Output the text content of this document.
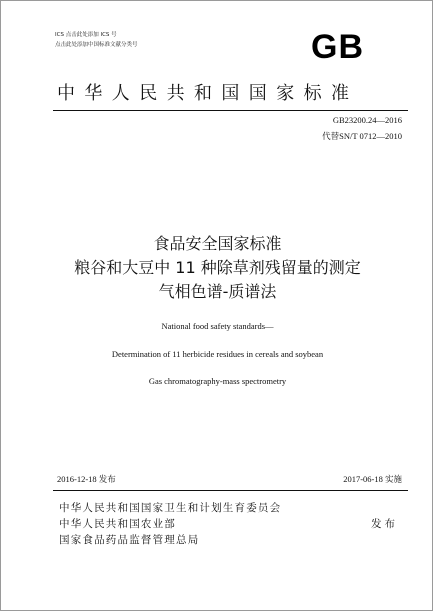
ICS 点击此处添加 ICS 号
点击此处添加中国标准文献分类号	GB
中华人民共和国国家标准
GB23200.24—2016
代替SN/T 0712—2010
食品安全国家标准
粮谷和大豆中 11 种除草剂残留量的测定
气相色谱-质谱法
National food safety standards—
Determination of 11 herbicide residues in cereals and soybean
Gas chromatography-mass spectrometry
2016-12-18 发布	2017-06-18 实施
中华人民共和国国家卫生和计划生育委员会
中华人民共和国农业部
国家食品药品监督管理总局
发布
